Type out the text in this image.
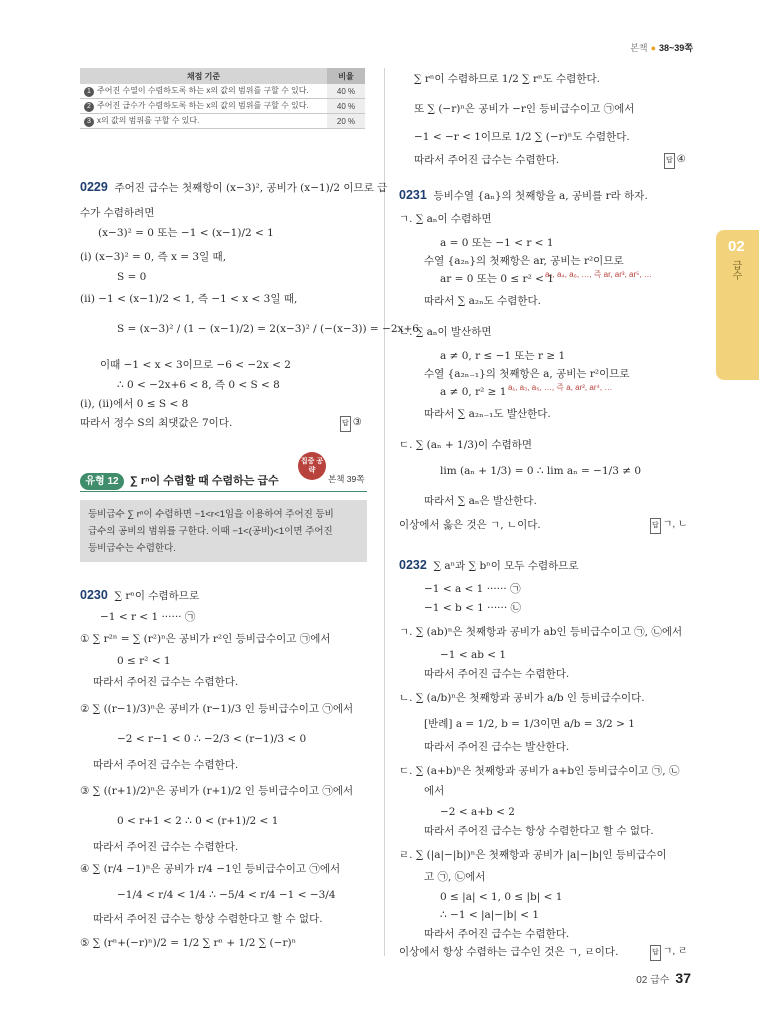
본책 ● 38~39쪽
채점 기준	비율
1 주어진 수열이 수렴하도록 하는 x의 값의 범위를 구할 수 있다.	40 %
2 주어진 급수가 수렴하도록 하는 x의 값의 범위를 구할 수 있다.	40 %
3 x의 값의 범위를 구할 수 있다.	20 %
0229 주어진 급수는 첫째항이 (x−3)², 공비가 (x−1)/2 이므로 급
수가 수렴하려면
(x−3)² = 0 또는 −1 < (x−1)/2 < 1
(ⅰ) (x−3)² = 0, 즉 x = 3일 때,
S = 0
(ⅱ) −1 < (x−1)/2 < 1, 즉 −1 < x < 3일 때,
S = (x−3)² / (1 − (x−1)/2) = 2(x−3)² / (−(x−3)) = −2x+6
이때 −1 < x < 3이므로 −6 < −2x < 2
∴ 0 < −2x+6 < 8, 즉 0 < S < 8
(ⅰ), (ⅱ)에서 0 ≤ S < 8
따라서 정수 S의 최댓값은 7이다.	답 ③
유형 12	∑ rⁿ이 수렴할 때 수렴하는 급수
집중 공략
본책 39쪽
등비급수 ∑ rⁿ이 수렴하면 −1<r<1임을 이용하여 주어진 등비
급수의 공비의 범위를 구한다. 이때 −1<(공비)<1이면 주어진
등비급수는 수렴한다.
0230 ∑ rⁿ이 수렴하므로
−1 < r < 1 ······ ㉠
① ∑ r²ⁿ = ∑ (r²)ⁿ은 공비가 r²인 등비급수이고 ㉠에서
0 ≤ r² < 1
따라서 주어진 급수는 수렴한다.
② ∑ ((r−1)/3)ⁿ은 공비가 (r−1)/3 인 등비급수이고 ㉠에서
−2 < r−1 < 0 ∴ −2/3 < (r−1)/3 < 0
따라서 주어진 급수는 수렴한다.
③ ∑ ((r+1)/2)ⁿ은 공비가 (r+1)/2 인 등비급수이고 ㉠에서
0 < r+1 < 2 ∴ 0 < (r+1)/2 < 1
따라서 주어진 급수는 수렴한다.
④ ∑ (r/4 −1)ⁿ은 공비가 r/4 −1인 등비급수이고 ㉠에서
−1/4 < r/4 < 1/4 ∴ −5/4 < r/4 −1 < −3/4
따라서 주어진 급수는 항상 수렴한다고 할 수 없다.
⑤ ∑ (rⁿ+(−r)ⁿ)/2 = 1/2 ∑ rⁿ + 1/2 ∑ (−r)ⁿ
∑ rⁿ이 수렴하므로 1/2 ∑ rⁿ도 수렴한다.
또 ∑ (−r)ⁿ은 공비가 −r인 등비급수이고 ㉠에서
−1 < −r < 1이므로 1/2 ∑ (−r)ⁿ도 수렴한다.
따라서 주어진 급수는 수렴한다.	답 ④
0231 등비수열 {aₙ}의 첫째항을 a, 공비를 r라 하자.
ㄱ. ∑ aₙ이 수렴하면
a = 0 또는 −1 < r < 1
수열 {a₂ₙ}의 첫째항은 ar, 공비는 r²이므로
a₂, a₄, a₆, …, 즉 ar, ar³, ar⁵, …
ar = 0 또는 0 ≤ r² < 1
따라서 ∑ a₂ₙ도 수렴한다.
ㄴ. ∑ aₙ이 발산하면
a ≠ 0, r ≤ −1 또는 r ≥ 1
수열 {a₂ₙ₋₁}의 첫째항은 a, 공비는 r²이므로
a₁, a₃, a₅, …, 즉 a, ar², ar⁴, …
a ≠ 0, r² ≥ 1
따라서 ∑ a₂ₙ₋₁도 발산한다.
ㄷ. ∑ (aₙ + 1/3)이 수렴하면
lim (aₙ + 1/3) = 0 ∴ lim aₙ = −1/3 ≠ 0
따라서 ∑ aₙ은 발산한다.
이상에서 옳은 것은 ㄱ, ㄴ이다.	답 ㄱ, ㄴ
0232 ∑ aⁿ과 ∑ bⁿ이 모두 수렴하므로
−1 < a < 1 ······ ㉠
−1 < b < 1 ······ ㉡
ㄱ. ∑ (ab)ⁿ은 첫째항과 공비가 ab인 등비급수이고 ㉠, ㉡에서
−1 < ab < 1
따라서 주어진 급수는 수렴한다.
ㄴ. ∑ (a/b)ⁿ은 첫째항과 공비가 a/b 인 등비급수이다.
[반례] a = 1/2, b = 1/3이면 a/b = 3/2 > 1
따라서 주어진 급수는 발산한다.
ㄷ. ∑ (a+b)ⁿ은 첫째항과 공비가 a+b인 등비급수이고 ㉠, ㉡
에서
−2 < a+b < 2
따라서 주어진 급수는 항상 수렴한다고 할 수 없다.
ㄹ. ∑ (|a|−|b|)ⁿ은 첫째항과 공비가 |a|−|b|인 등비급수이
고 ㉠, ㉡에서
0 ≤ |a| < 1, 0 ≤ |b| < 1
∴ −1 < |a|−|b| < 1
따라서 주어진 급수는 수렴한다.
이상에서 항상 수렴하는 급수인 것은 ㄱ, ㄹ이다.	답 ㄱ, ㄹ
02
급수
02 급수 37
